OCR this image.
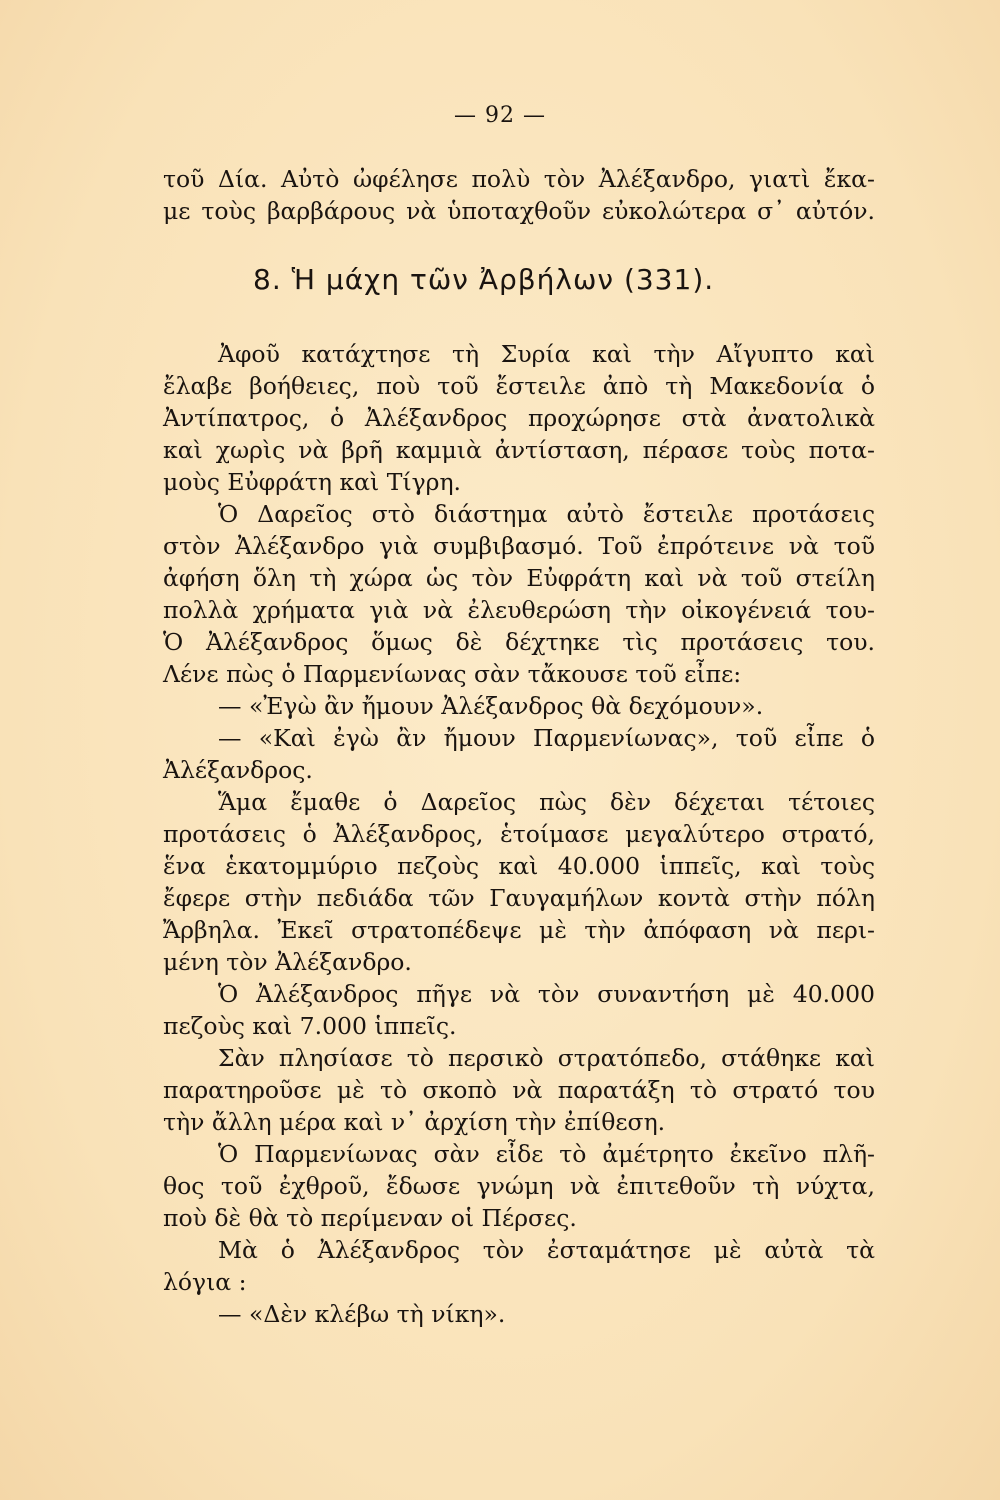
— 92 —
τοῦ Δία. Αὐτὸ ὠφέλησε πολὺ τὸν Ἀλέξανδρο, γιατὶ ἔκα-
με τοὺς βαρβάρους νὰ ὑποταχθοῦν εὐκολώτερα σ᾿ αὐτόν.
8. Ἡ μάχη τῶν Ἀρβήλων (331).
Ἀφοῦ κατάχτησε τὴ Συρία καὶ τὴν Αἴγυπτο καὶ
ἔλαβε βοήθειες, ποὺ τοῦ ἔστειλε ἀπὸ τὴ Μακεδονία ὁ
Ἀντίπατρος, ὁ Ἀλέξανδρος προχώρησε στὰ ἀνατολικὰ
καὶ χωρὶς νὰ βρῆ καμμιὰ ἀντίσταση, πέρασε τοὺς ποτα-
μοὺς Εὐφράτη καὶ Τίγρη.
Ὁ Δαρεῖος στὸ διάστημα αὐτὸ ἔστειλε προτάσεις
στὸν Ἀλέξανδρο γιὰ συμβιβασμό. Τοῦ ἐπρότεινε νὰ τοῦ
ἀφήση ὅλη τὴ χώρα ὡς τὸν Εὐφράτη καὶ νὰ τοῦ στείλη
πολλὰ χρήματα γιὰ νὰ ἐλευθερώση τὴν οἰκογένειά του-
Ὁ Ἀλέξανδρος ὅμως δὲ δέχτηκε τὶς προτάσεις του.
Λένε πὼς ὁ Παρμενίωνας σὰν τἄκουσε τοῦ εἶπε:
— «Ἐγὼ ἂν ἤμουν Ἀλέξανδρος θὰ δεχόμουν».
— «Καὶ ἐγὼ ἂν ἤμουν Παρμενίωνας», τοῦ εἶπε ὁ
Ἀλέξανδρος.
Ἅμα ἔμαθε ὁ Δαρεῖος πὼς δὲν δέχεται τέτοιες
προτάσεις ὁ Ἀλέξανδρος, ἑτοίμασε μεγαλύτερο στρατό,
ἕνα ἑκατομμύριο πεζοὺς καὶ 40.000 ἱππεῖς, καὶ τοὺς
ἔφερε στὴν πεδιάδα τῶν Γαυγαμήλων κοντὰ στὴν πόλη
Ἄρβηλα. Ἐκεῖ στρατοπέδεψε μὲ τὴν ἀπόφαση νὰ περι-
μένη τὸν Ἀλέξανδρο.
Ὁ Ἀλέξανδρος πῆγε νὰ τὸν συναντήση μὲ 40.000
πεζοὺς καὶ 7.000 ἱππεῖς.
Σὰν πλησίασε τὸ περσικὸ στρατόπεδο, στάθηκε καὶ
παρατηροῦσε μὲ τὸ σκοπὸ νὰ παρατάξη τὸ στρατό του
τὴν ἄλλη μέρα καὶ ν᾿ ἀρχίση τὴν ἐπίθεση.
Ὁ Παρμενίωνας σὰν εἶδε τὸ ἀμέτρητο ἐκεῖνο πλῆ-
θος τοῦ ἐχθροῦ, ἔδωσε γνώμη νὰ ἐπιτεθοῦν τὴ νύχτα,
ποὺ δὲ θὰ τὸ περίμεναν οἱ Πέρσες.
Μὰ ὁ Ἀλέξανδρος τὸν ἐσταμάτησε μὲ αὐτὰ τὰ
λόγια :
— «Δὲν κλέβω τὴ νίκη».
